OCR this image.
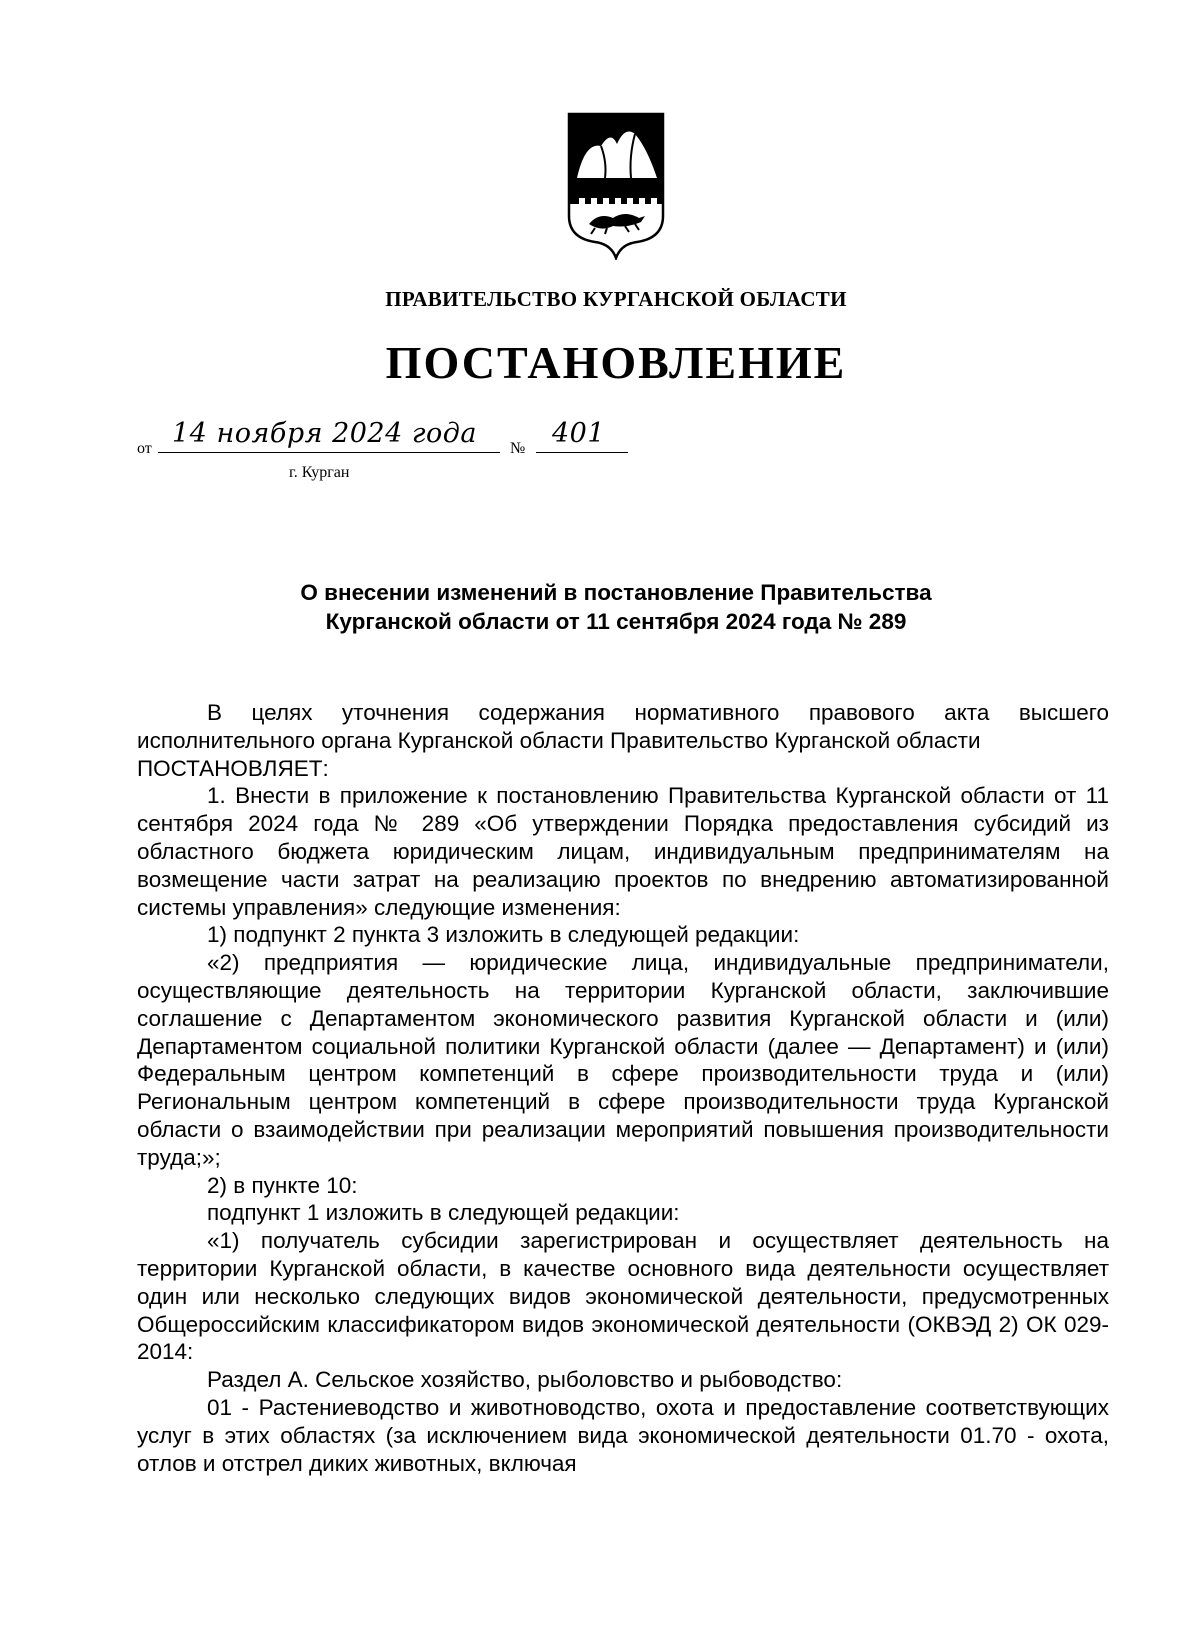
ПРАВИТЕЛЬСТВО КУРГАНСКОЙ ОБЛАСТИ
ПОСТАНОВЛЕНИЕ
от 14 ноября 2024 года № 401
г. Курган
О внесении изменений в постановление Правительства
Курганской области от 11 сентября 2024 года № 289

В целях уточнения содержания нормативного правового акта высшего исполнительного органа Курганской области Правительство Курганской области

ПОСТАНОВЛЯЕТ:

1. Внести в приложение к постановлению Правительства Курганской области от 11 сентября 2024 года № 289 «Об утверждении Порядка предоставления субсидий из областного бюджета юридическим лицам, индивидуальным предпринимателям на возмещение части затрат на реализацию проектов по внедрению автоматизированной системы управления» следующие изменения:

1) подпункт 2 пункта 3 изложить в следующей редакции:

«2) предприятия — юридические лица, индивидуальные предприниматели, осуществляющие деятельность на территории Курганской области, заключившие соглашение с Департаментом экономического развития Курганской области и (или) Департаментом социальной политики Курганской области (далее — Департамент) и (или) Федеральным центром компетенций в сфере производительности труда и (или) Региональным центром компетенций в сфере производительности труда Курганской области о взаимодействии при реализации мероприятий повышения производительности труда;»;

2) в пункте 10:

подпункт 1 изложить в следующей редакции:

«1) получатель субсидии зарегистрирован и осуществляет деятельность на территории Курганской области, в качестве основного вида деятельности осуществляет один или несколько следующих видов экономической деятельности, предусмотренных Общероссийским классификатором видов экономической деятельности (ОКВЭД 2) ОК 029-2014:

Раздел А. Сельское хозяйство, рыболовство и рыбоводство:

01 - Растениеводство и животноводство, охота и предоставление соответствующих услуг в этих областях (за исключением вида экономической деятельности 01.70 - охота, отлов и отстрел диких животных, включая
